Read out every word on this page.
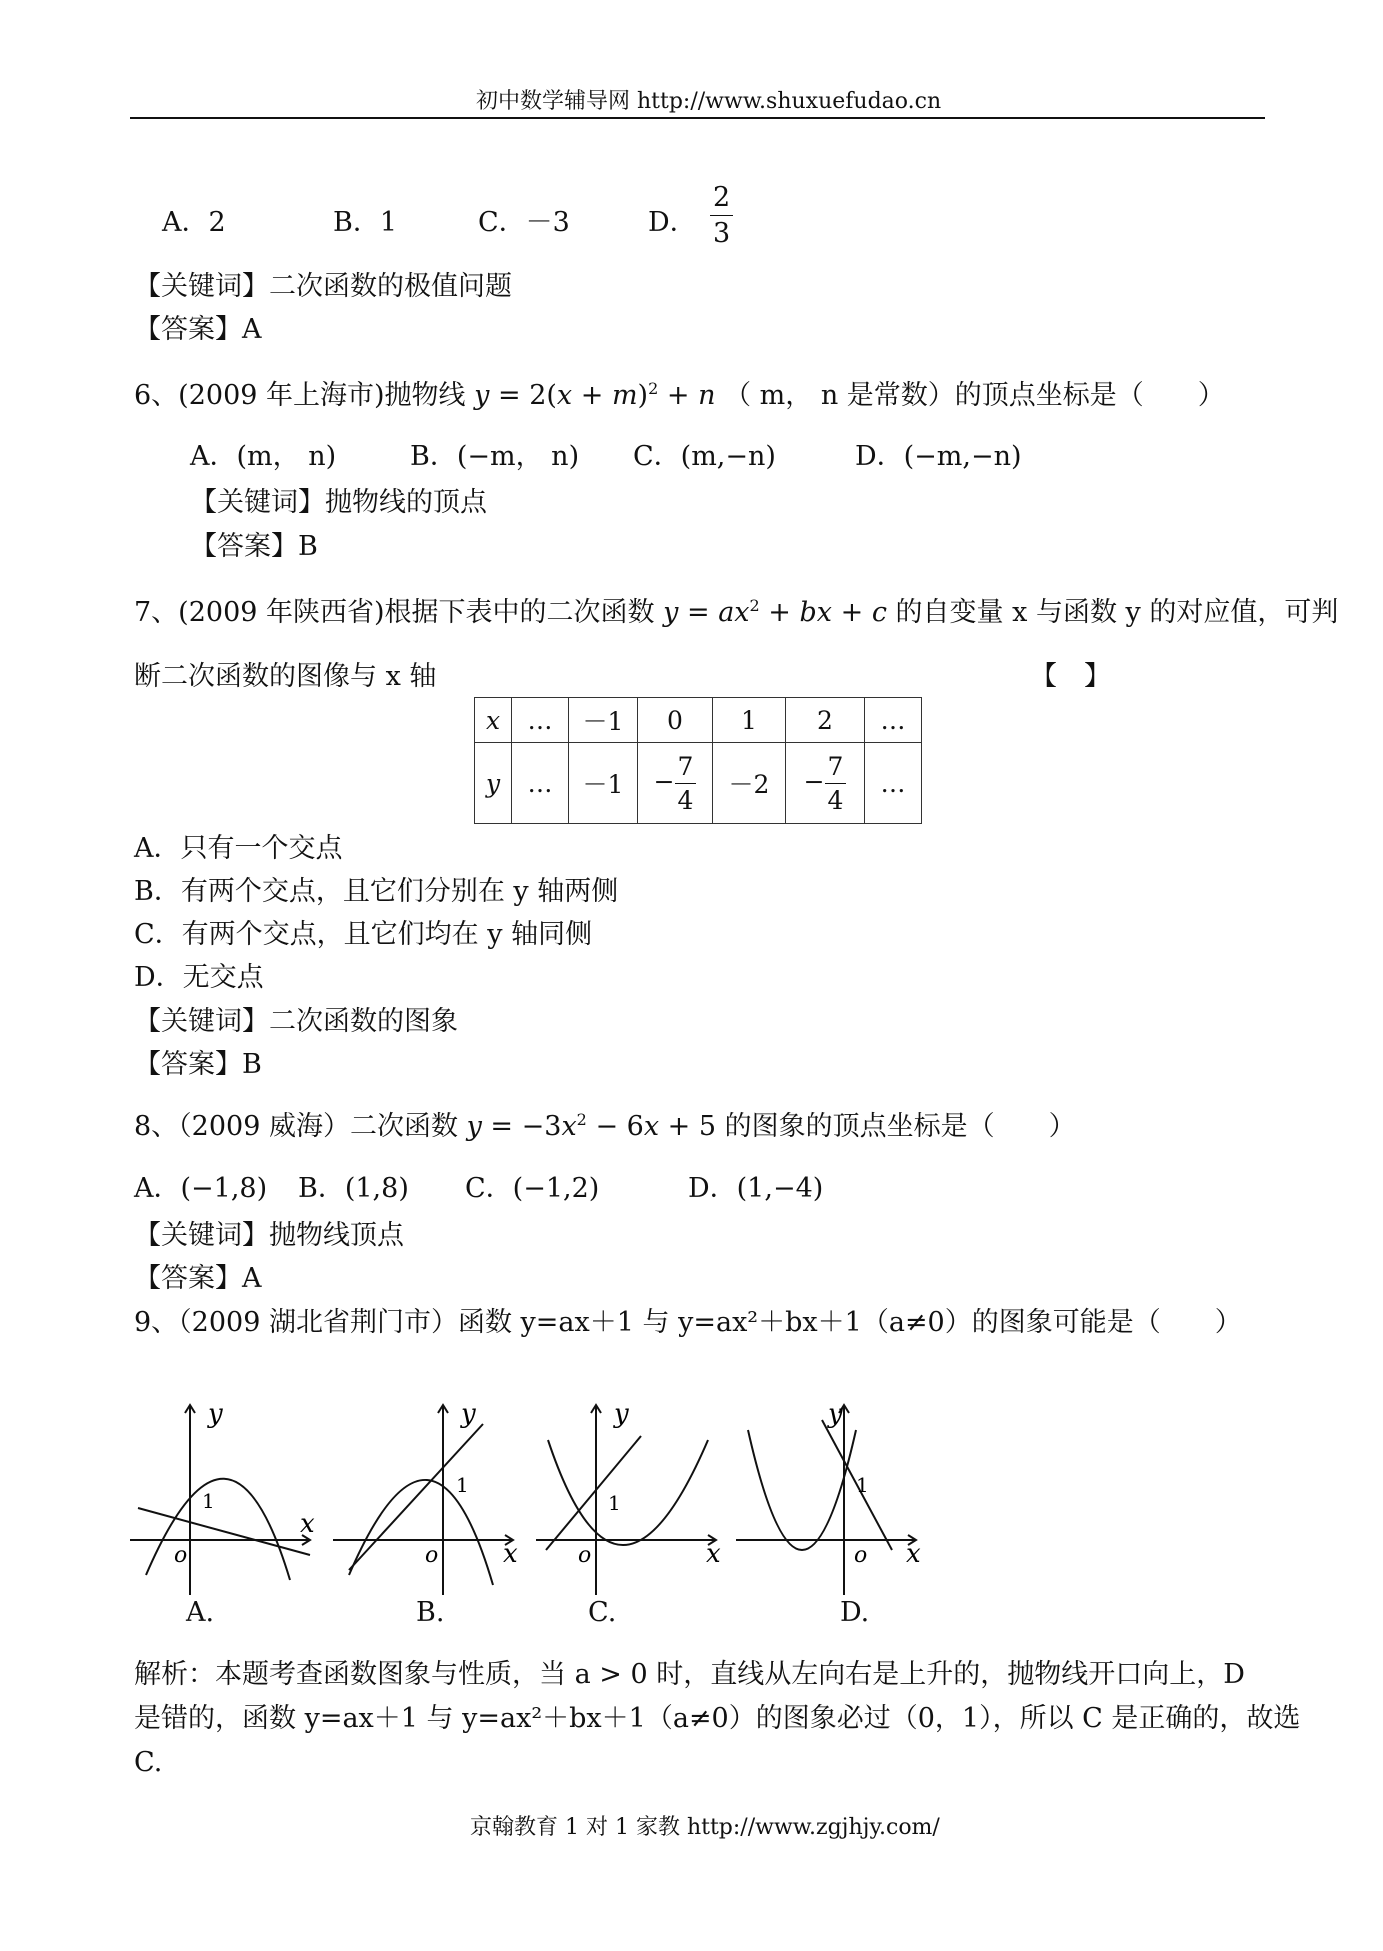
初中数学辅导网 http://www.shuxuefudao.cn
A．2	B．1	C．－3	D． $\frac{2}{3}$
【关键词】二次函数的极值问题
【答案】A
6、(2009 年上海市)抛物线 $y = 2(x + m)^2 + n$ （ m， n 是常数）的顶点坐标是（　　）
A．(m， n)	B．(−m， n) C．(m,−n)	D．(−m,−n)
【关键词】抛物线的顶点
【答案】B
7、(2009 年陕西省)根据下表中的二次函数 $y = ax^2$ + bx + c 的自变量 x 与函数 y 的对应值，可判
断二次函数的图像与 x 轴	【　】
x	…	－1	0	1	2	…
y	…	－1	− $\frac{7}{4}$	－2	− $\frac{7}{4}$	…
A．只有一个交点
B．有两个交点，且它们分别在 y 轴两侧
C．有两个交点，且它们均在 y 轴同侧
D．无交点
【关键词】二次函数的图象
【答案】B
8、（2009 威海）二次函数 $y = -3x^2 - 6x + 5$ 的图象的顶点坐标是（　　）
A．(−1,8) B．(1,8) C．(−1,2)	D．(1,−4)
【关键词】抛物线顶点
【答案】A
9、（2009 湖北省荆门市）函数 y=ax＋1 与 y=ax²＋bx＋1（a≠0）的图象可能是（　　）
y
x
o
1
A.
y
x
o
1
B.
y
x
o
1
C.
y
x
o
1
D.
解析：本题考查函数图象与性质，当 a > 0 时，直线从左向右是上升的，抛物线开口向上，D
是错的，函数 y=ax＋1 与 y=ax²＋bx＋1（a≠0）的图象必过（0，1），所以 C 是正确的，故选
C.
京翰教育 1 对 1 家教 http://www.zgjhjy.com/
